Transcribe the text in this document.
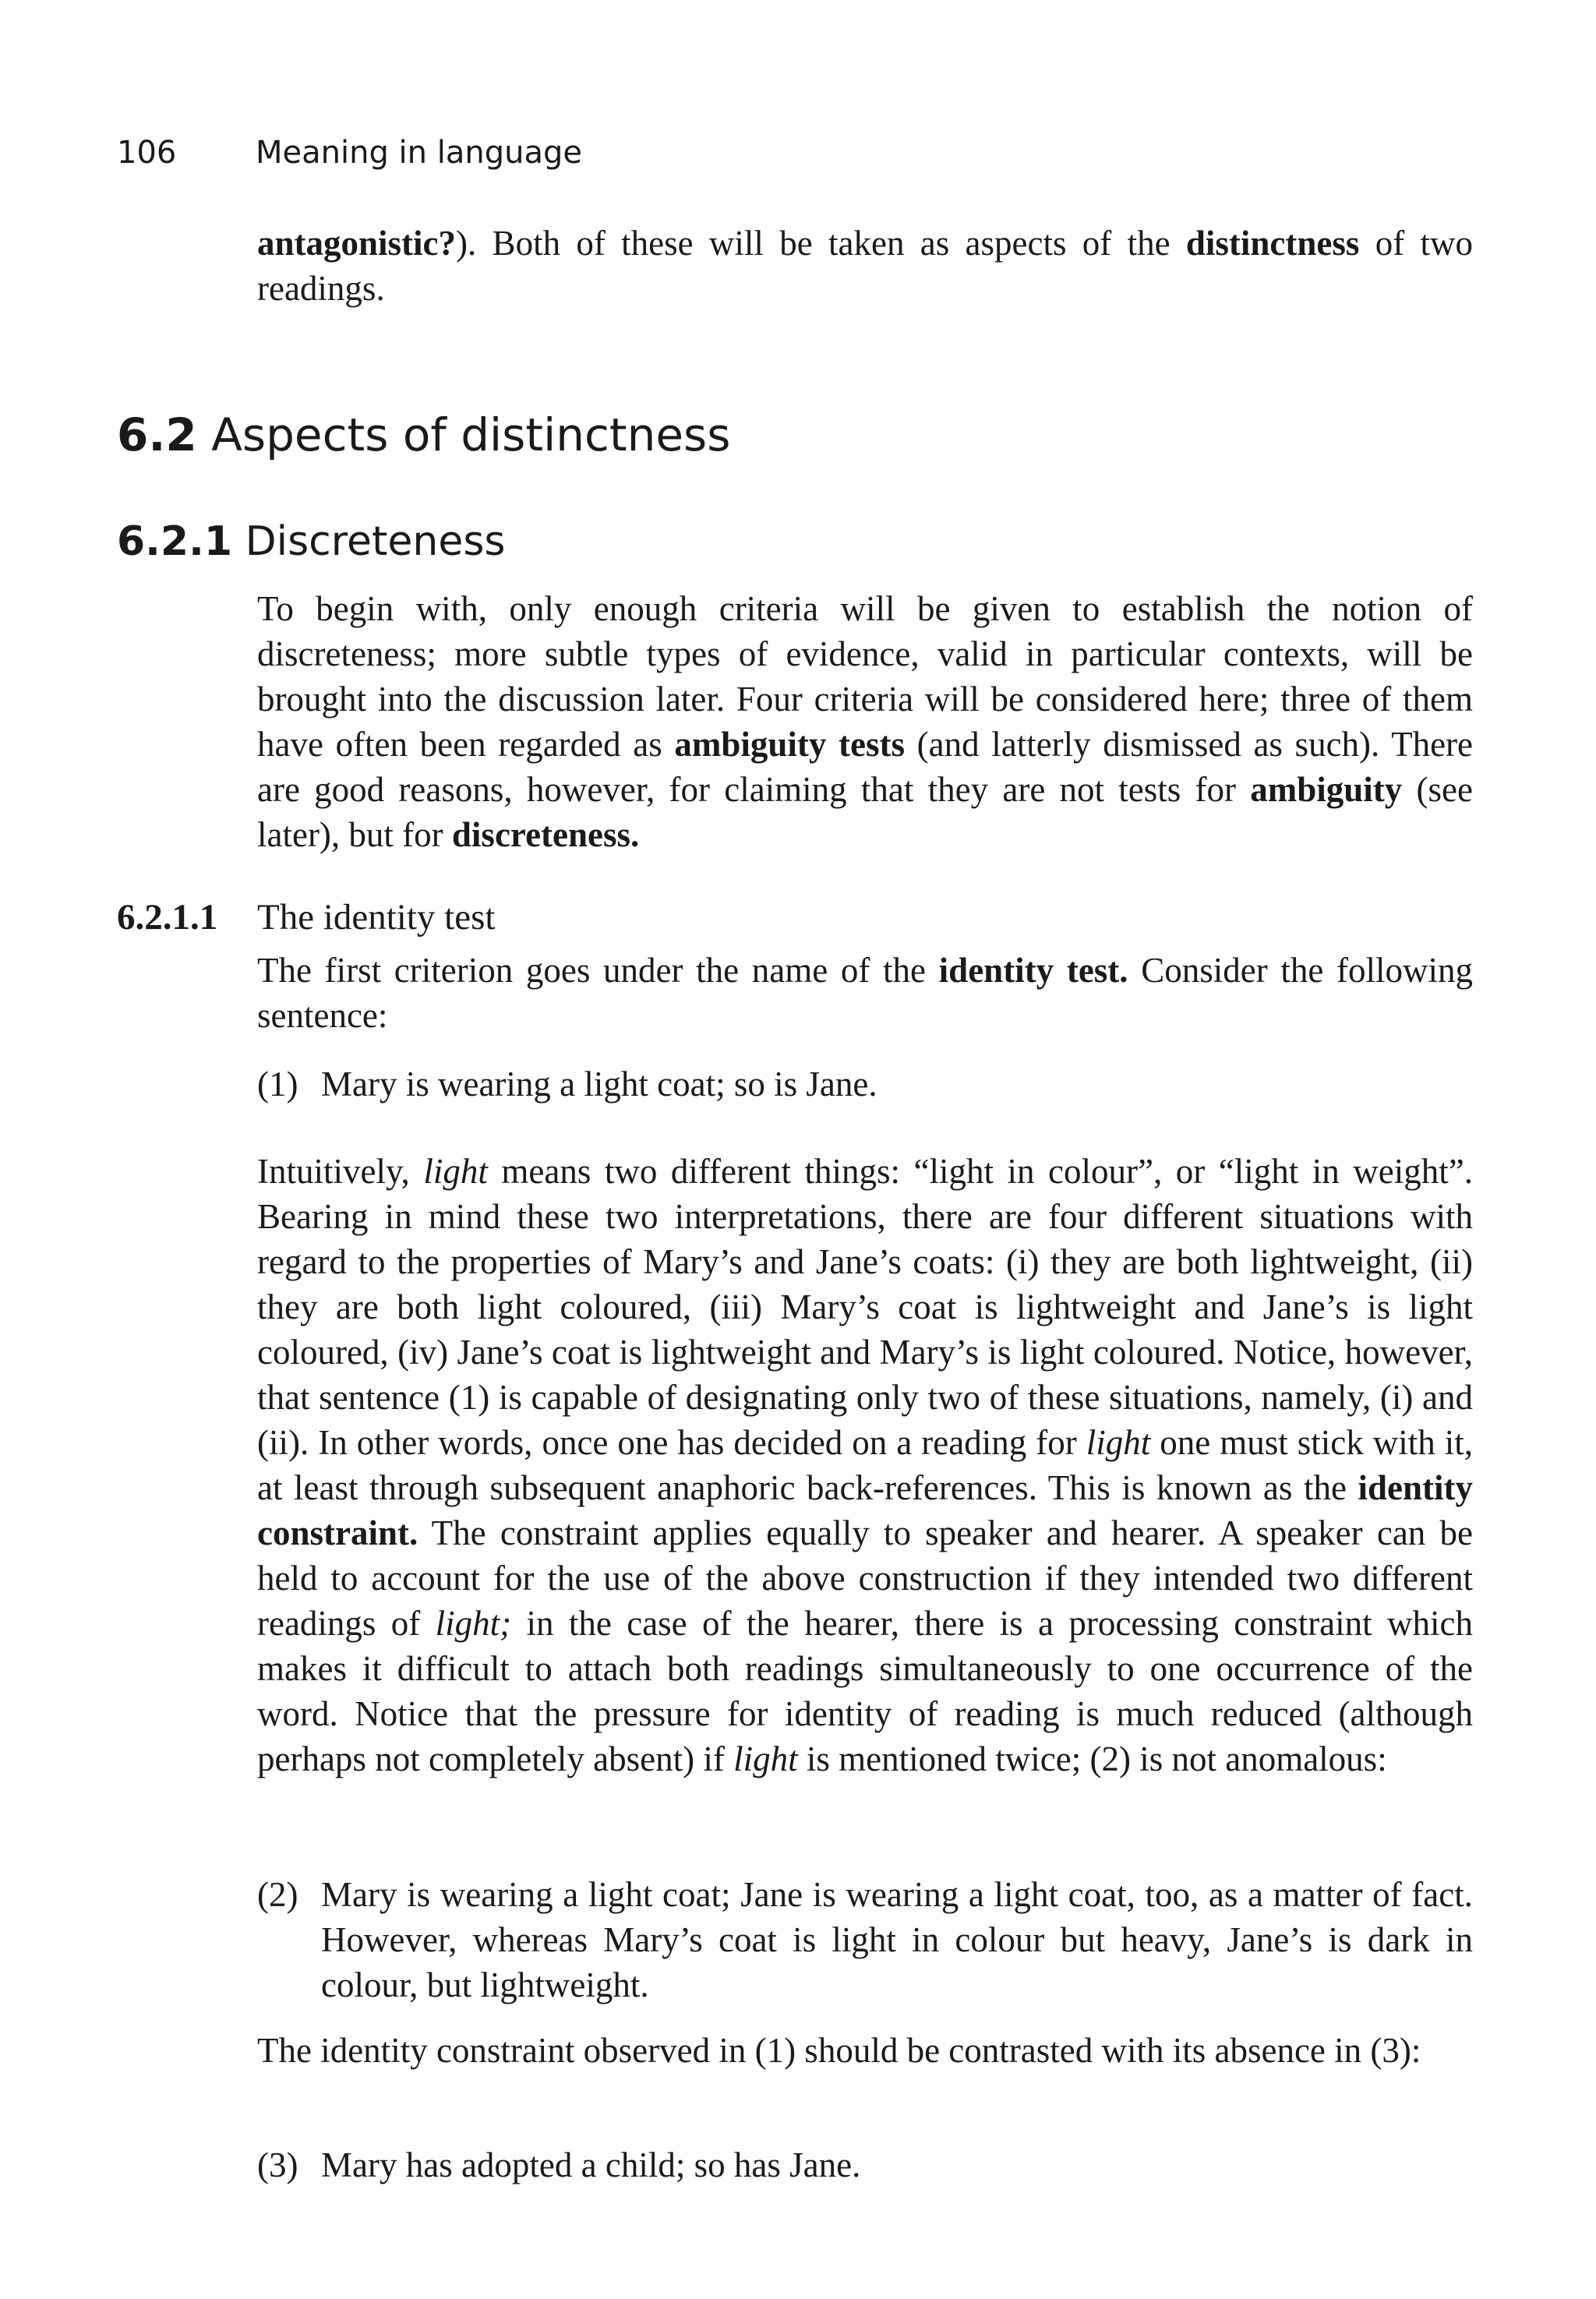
106	Meaning in language

antagonistic?). Both of these will be taken as aspects of the distinctness of two readings.

6.2 Aspects of distinctness
6.2.1 Discreteness

To begin with, only enough criteria will be given to establish the notion of discreteness; more subtle types of evidence, valid in particular contexts, will be brought into the discussion later. Four criteria will be considered here; three of them have often been regarded as ambiguity tests (and latterly dismissed as such). There are good reasons, however, for claiming that they are not tests for ambiguity (see later), but for discreteness.

6.2.1.1 The identity test

The first criterion goes under the name of the identity test. Consider the following sentence:

(1) Mary is wearing a light coat; so is Jane.

Intuitively, light means two different things: “light in colour”, or “light in weight”. Bearing in mind these two interpretations, there are four different situations with regard to the properties of Mary’s and Jane’s coats: (i) they are both lightweight, (ii) they are both light coloured, (iii) Mary’s coat is lightweight and Jane’s is light coloured, (iv) Jane’s coat is lightweight and Mary’s is light coloured. Notice, however, that sentence (1) is capable of designating only two of these situations, namely, (i) and (ii). In other words, once one has decided on a reading for light one must stick with it, at least through subsequent anaphoric back-references. This is known as the identity constraint. The constraint applies equally to speaker and hearer. A speaker can be held to account for the use of the above construction if they intended two different readings of light; in the case of the hearer, there is a processing constraint which makes it difficult to attach both readings simultaneously to one occurrence of the word. Notice that the pressure for identity of reading is much reduced (although perhaps not completely absent) if light is mentioned twice; (2) is not anomalous:

(2) Mary is wearing a light coat; Jane is wearing a light coat, too, as a matter of fact. However, whereas Mary’s coat is light in colour but heavy, Jane’s is dark in colour, but lightweight.

The identity constraint observed in (1) should be contrasted with its absence in (3):

(3) Mary has adopted a child; so has Jane.
